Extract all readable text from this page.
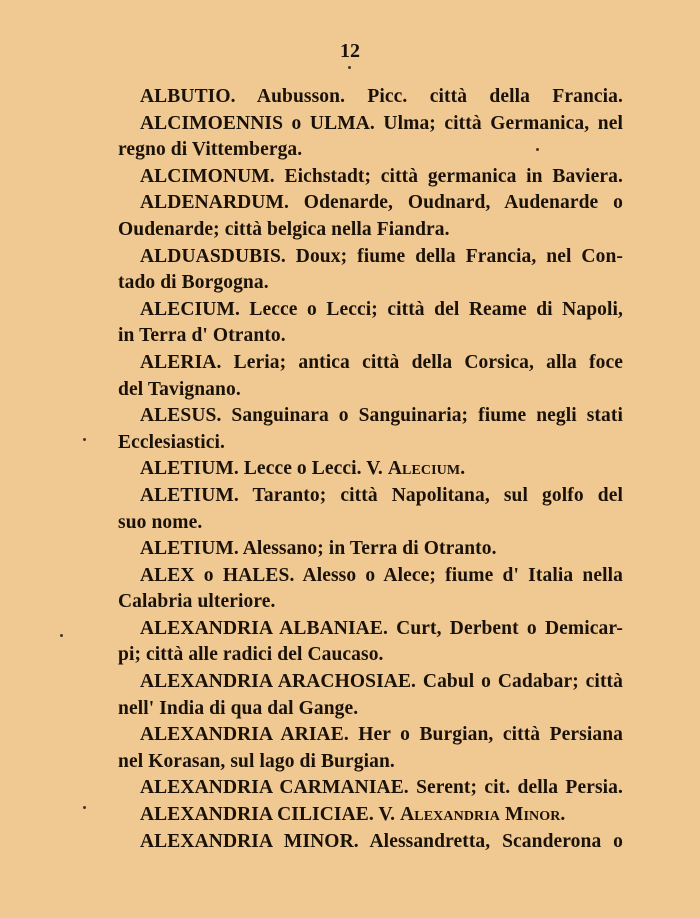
12
ALBUTIO. Aubusson. Picc. città della Francia.
ALCIMOENNIS o ULMA. Ulma; città Germanica, nel
regno di Vittemberga.
ALCIMONUM. Eichstadt; città germanica in Baviera.
ALDENARDUM. Odenarde, Oudnard, Audenarde o
Oudenarde; città belgica nella Fiandra.
ALDUASDUBIS. Doux; fiume della Francia, nel Con-
tado di Borgogna.
ALECIUM. Lecce o Lecci; città del Reame di Napoli,
in Terra d' Otranto.
ALERIA. Leria; antica città della Corsica, alla foce
del Tavignano.
ALESUS. Sanguinara o Sanguinaria; fiume negli stati
Ecclesiastici.
ALETIUM. Lecce o Lecci. V. Alecium.
ALETIUM. Taranto; città Napolitana, sul golfo del
suo nome.
ALETIUM. Alessano; in Terra di Otranto.
ALEX o HALES. Alesso o Alece; fiume d' Italia nella
Calabria ulteriore.
ALEXANDRIA ALBANIAE. Curt, Derbent o Demicar-
pi; città alle radici del Caucaso.
ALEXANDRIA ARACHOSIAE. Cabul o Cadabar; città
nell' India di qua dal Gange.
ALEXANDRIA ARIAE. Her o Burgian, città Persiana
nel Korasan, sul lago di Burgian.
ALEXANDRIA CARMANIAE. Serent; cit. della Persia.
ALEXANDRIA CILICIAE. V. Alexandria Minor.
ALEXANDRIA MINOR. Alessandretta, Scanderona o
